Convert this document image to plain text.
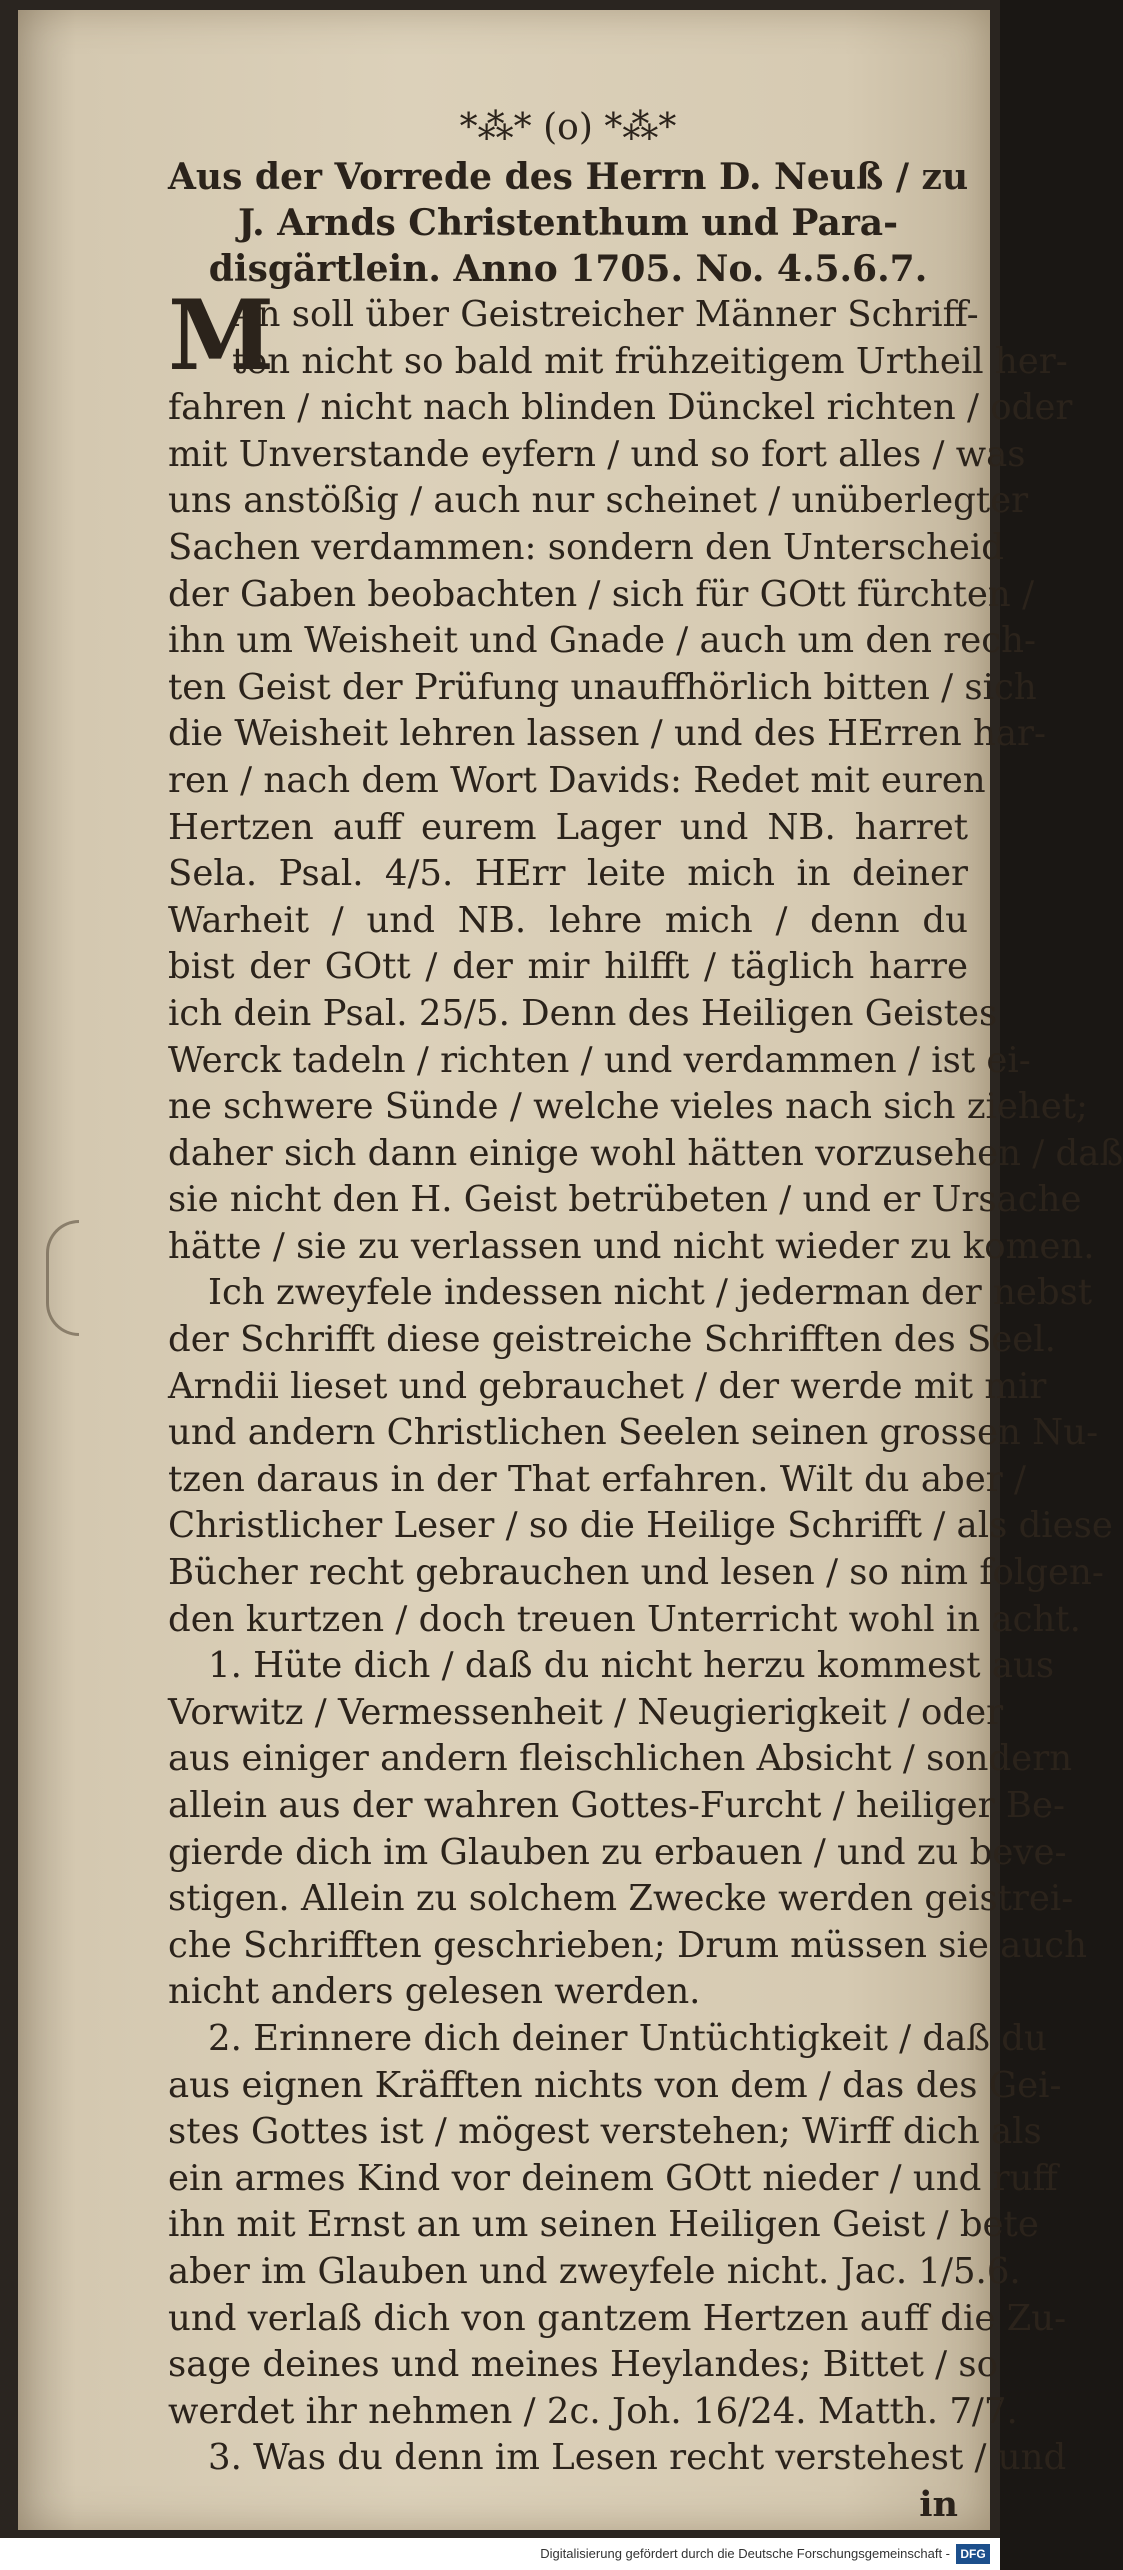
*⁂* (o) *⁂*
Aus der Vorrede des Herrn D. Neuß / zu
J. Arnds Christenthum und Para-
disgärtlein. Anno 1705. No. 4.5.6.7.
M
An soll über Geistreicher Männer Schriff-
ten nicht so bald mit frühzeitigem Urtheil her-
fahren / nicht nach blinden Dünckel richten / oder
mit Unverstande eyfern / und so fort alles / was
uns anstößig / auch nur scheinet / unüberlegter
Sachen verdammen: sondern den Unterscheid
der Gaben beobachten / sich für GOtt fürchten /
ihn um Weisheit und Gnade / auch um den rech-
ten Geist der Prüfung unauffhörlich bitten / sich
die Weisheit lehren lassen / und des HErren har-
ren / nach dem Wort Davids: Redet mit euren
Hertzen auff eurem Lager und NB. harret
Sela. Psal. 4/5. HErr leite mich in deiner
Warheit / und NB. lehre mich / denn du
bist der GOtt / der mir hilfft / täglich harre
ich dein Psal. 25/5. Denn des Heiligen Geistes
Werck tadeln / richten / und verdammen / ist ei-
ne schwere Sünde / welche vieles nach sich ziehet;
daher sich dann einige wohl hätten vorzusehen / daß
sie nicht den H. Geist betrübeten / und er Ursache
hätte / sie zu verlassen und nicht wieder zu komen.
Ich zweyfele indessen nicht / jederman der nebst
der Schrifft diese geistreiche Schrifften des Seel.
Arndii lieset und gebrauchet / der werde mit mir
und andern Christlichen Seelen seinen grossen Nu-
tzen daraus in der That erfahren. Wilt du aber /
Christlicher Leser / so die Heilige Schrifft / als diese
Bücher recht gebrauchen und lesen / so nim folgen-
den kurtzen / doch treuen Unterricht wohl in acht.
1. Hüte dich / daß du nicht herzu kommest aus
Vorwitz / Vermessenheit / Neugierigkeit / oder
aus einiger andern fleischlichen Absicht / sondern
allein aus der wahren Gottes-Furcht / heiliger Be-
gierde dich im Glauben zu erbauen / und zu beve-
stigen. Allein zu solchem Zwecke werden geistrei-
che Schrifften geschrieben; Drum müssen sie auch
nicht anders gelesen werden.
2. Erinnere dich deiner Untüchtigkeit / daß du
aus eignen Kräfften nichts von dem / das des Gei-
stes Gottes ist / mögest verstehen; Wirff dich als
ein armes Kind vor deinem GOtt nieder / und ruff
ihn mit Ernst an um seinen Heiligen Geist / bete
aber im Glauben und zweyfele nicht. Jac. 1/5.6.
und verlaß dich von gantzem Hertzen auff die Zu-
sage deines und meines Heylandes; Bittet / so
werdet ihr nehmen / 2c. Joh. 16/24. Matth. 7/7.
3. Was du denn im Lesen recht verstehest / und
in
Digitalisierung gefördert durch die Deutsche Forschungsgemeinschaft - DFG
